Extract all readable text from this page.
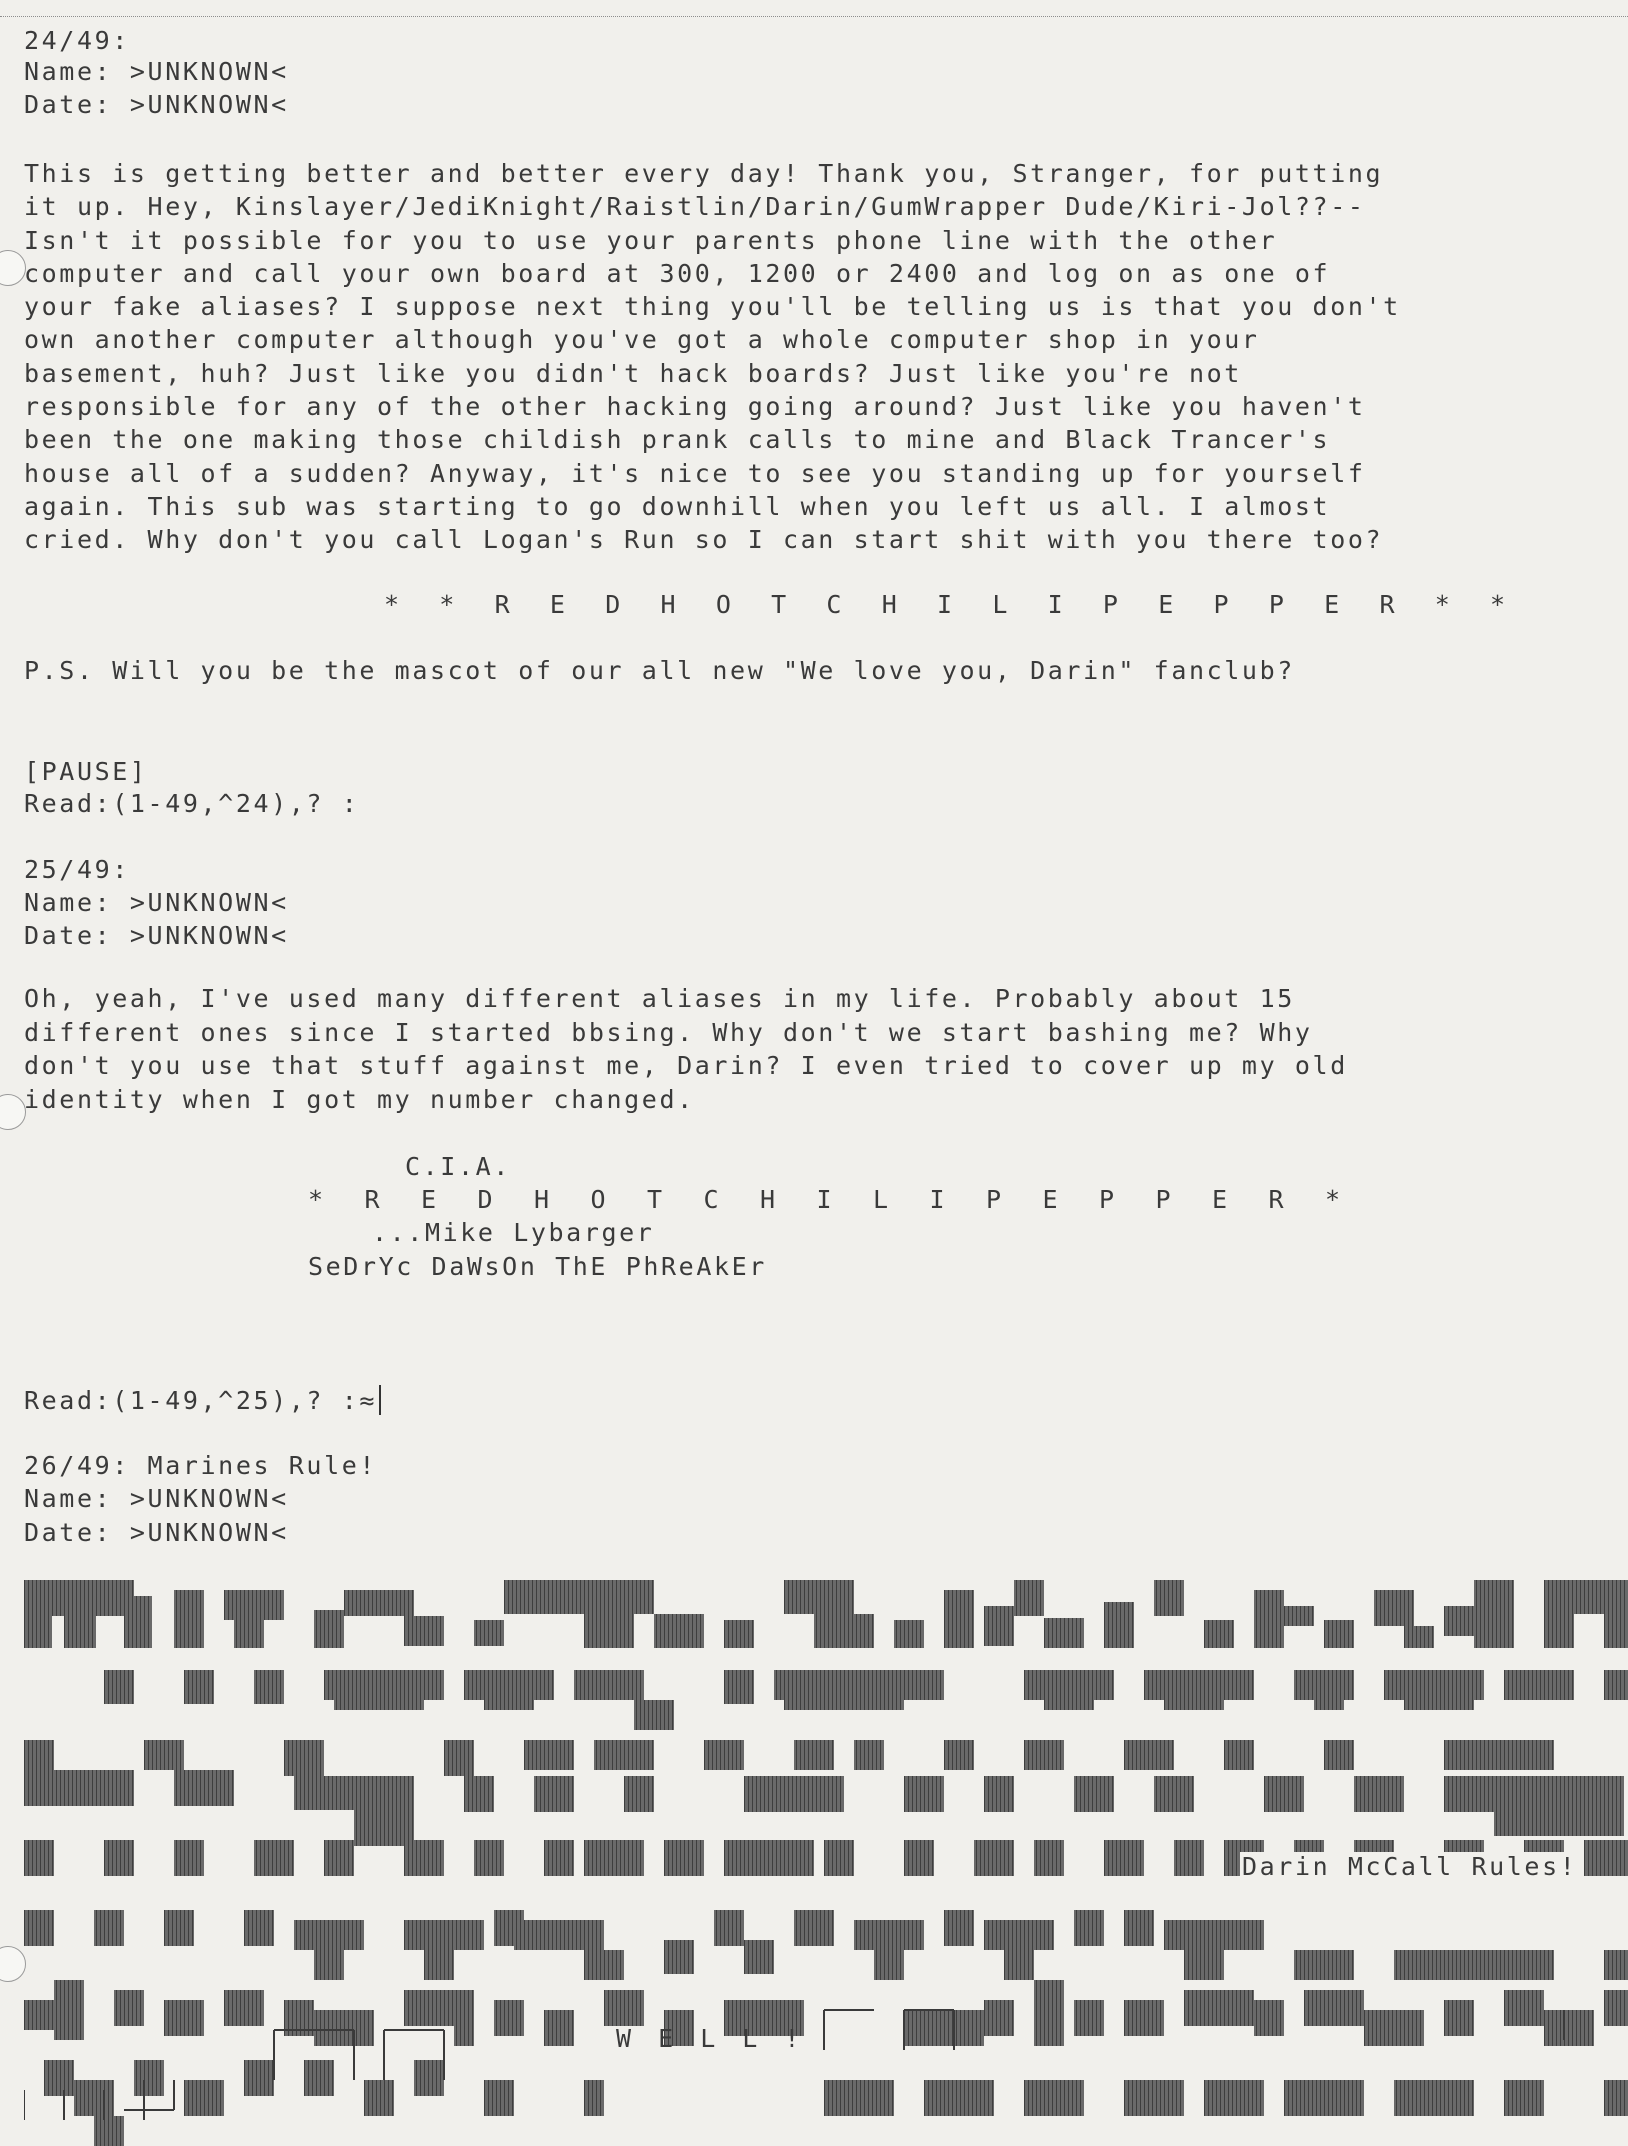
24/49:
Name: >UNKNOWN<
Date: >UNKNOWN<
This is getting better and better every day! Thank you, Stranger, for putting
it up. Hey, Kinslayer/JediKnight/Raistlin/Darin/GumWrapper Dude/Kiri-Jol??--
Isn't it possible for you to use your parents phone line with the other
computer and call your own board at 300, 1200 or 2400 and log on as one of
your fake aliases? I suppose next thing you'll be telling us is that you don't
own another computer although you've got a whole computer shop in your
basement, huh? Just like you didn't hack boards? Just like you're not
responsible for any of the other hacking going around? Just like you haven't
been the one making those childish prank calls to mine and Black Trancer's
house all of a sudden? Anyway, it's nice to see you standing up for yourself
again. This sub was starting to go downhill when you left us all. I almost
cried. Why don't you call Logan's Run so I can start shit with you there too?
* * R E D H O T C H I L I P E P P E R * *
P.S. Will you be the mascot of our all new "We love you, Darin" fanclub?
[PAUSE]
Read:(1-49,^24),? :
25/49:
Name: >UNKNOWN<
Date: >UNKNOWN<
Oh, yeah, I've used many different aliases in my life. Probably about 15
different ones since I started bbsing. Why don't we start bashing me? Why
don't you use that stuff against me, Darin? I even tried to cover up my old
identity when I got my number changed.
C.I.A.
* R E D H O T C H I L I P E P P E R *
...Mike Lybarger
SeDrYc DaWsOn ThE PhReAkEr
Read:(1-49,^25),? :≈
26/49: Marines Rule!
Name: >UNKNOWN<
Date: >UNKNOWN<
Darin McCall Rules!
W E L L !
